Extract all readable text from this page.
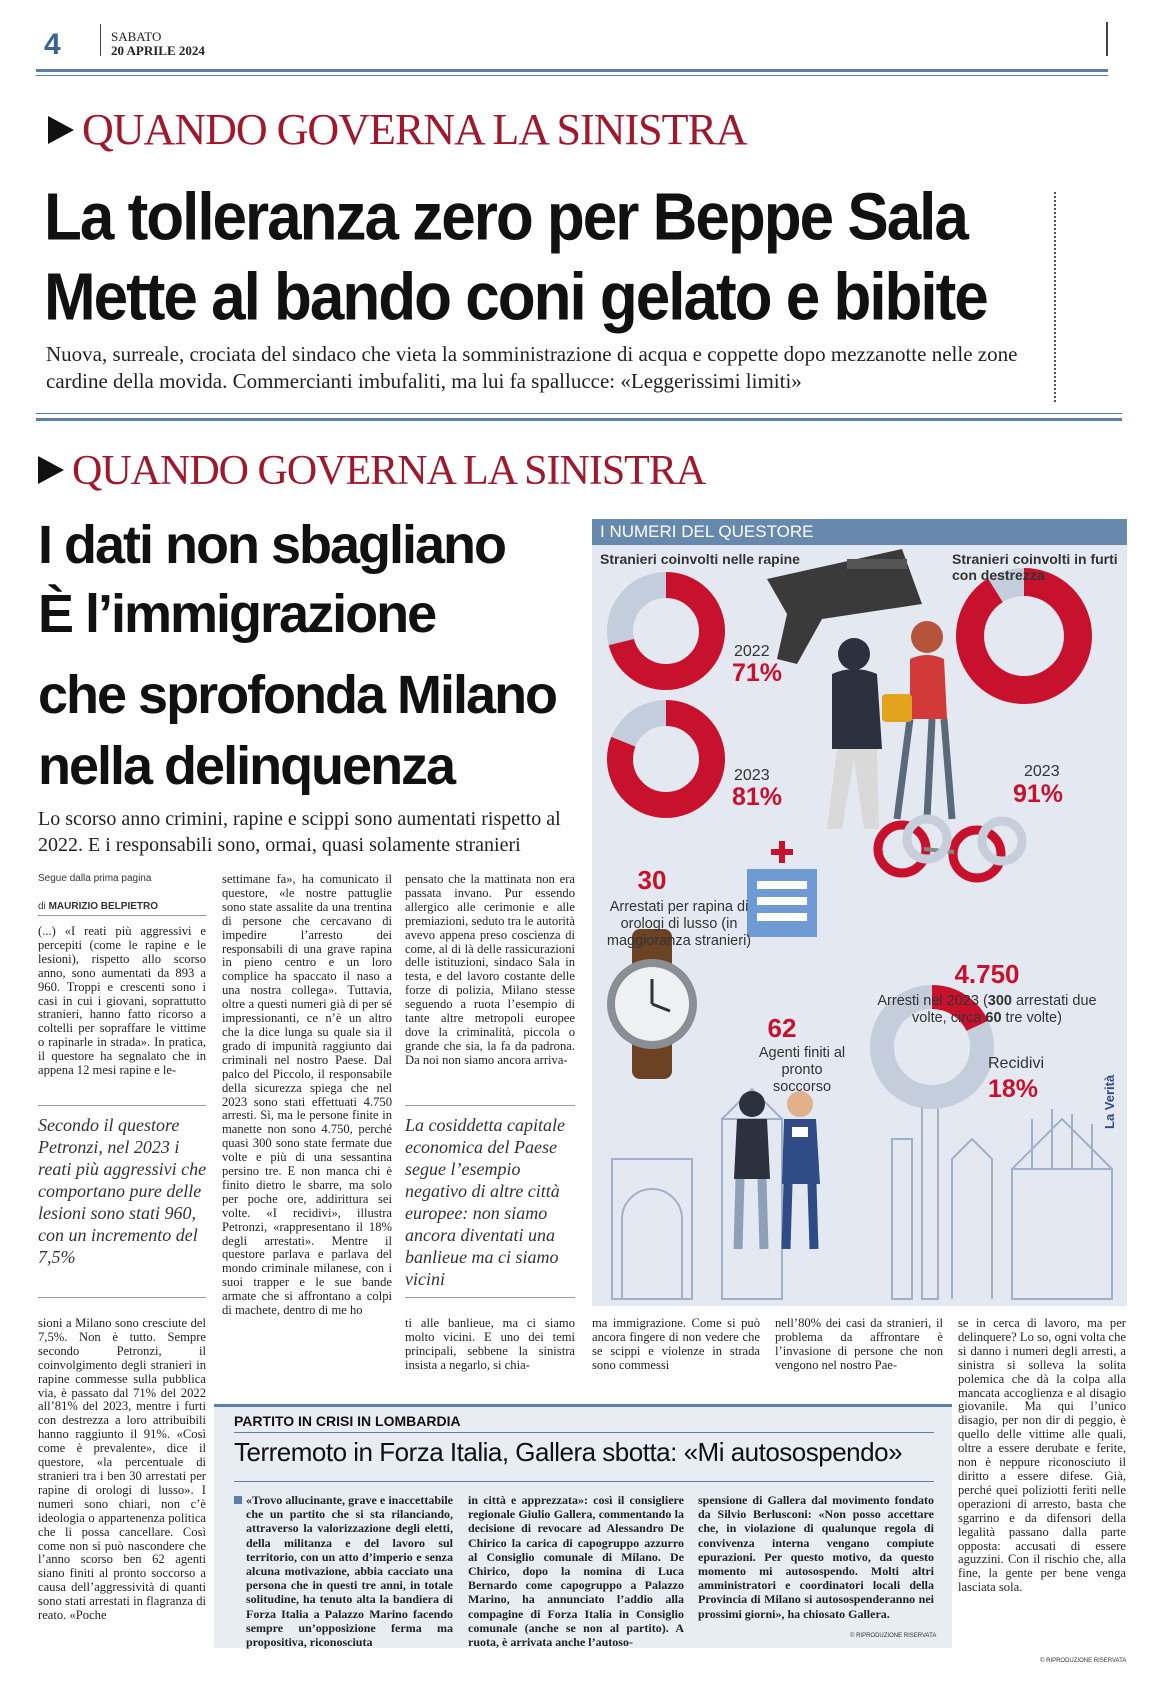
4	SABATO
20 APRILE 2024
QUANDO GOVERNA LA SINISTRA
La tolleranza zero per Beppe Sala
Mette al bando coni gelato e bibite
Nuova, surreale, crociata del sindaco che vieta la somministrazione di acqua e coppette dopo mezzanotte nelle zone cardine della movida. Commercianti imbufaliti, ma lui fa spallucce: «Leggerissimi limiti»
QUANDO GOVERNA LA SINISTRA
I dati non sbagliano
È l’immigrazione
che sprofonda Milano
nella delinquenza
Lo scorso anno crimini, rapine e scippi sono aumentati rispetto al 2022. E i responsabili sono, ormai, quasi solamente stranieri
Segue dalla prima pagina
di MAURIZIO BELPIETRO
(...) «I reati più aggressivi e percepiti (come le rapine e le lesioni), rispetto allo scorso anno, sono aumentati da 893 a 960. Troppi e crescenti sono i casi in cui i giovani, soprattutto stranieri, hanno fatto ricorso a coltelli per sopraffare le vittime o rapinarle in strada». In pratica, il questore ha segnalato che in appena 12 mesi rapine e le-
Secondo il questore Petronzi, nel 2023 i reati più aggressivi che comportano pure delle lesioni sono stati 960, con un incremento del 7,5%
sioni a Milano sono cresciute del 7,5%. Non è tutto. Sempre secondo Petronzi, il coinvolgimento degli stranieri in rapine commesse sulla pubblica via, è passato dal 71% del 2022 all’81% del 2023, mentre i furti con destrezza a loro attribuibili hanno raggiunto il 91%. «Così come è prevalente», dice il questore, «la percentuale di stranieri tra i ben 30 arrestati per rapine di orologi di lusso». I numeri sono chiari, non c’è ideologia o appartenenza politica che li possa cancellare. Così come non si può nascondere che l’anno scorso ben 62 agenti siano finiti al pronto soccorso a causa dell’aggressività di quanti sono stati arrestati in flagranza di reato. «Poche
settimane fa», ha comunicato il questore, «le nostre pattuglie sono state assalite da una trentina di persone che cercavano di impedire l’arresto dei responsabili di una grave rapina in pieno centro e un loro complice ha spaccato il naso a una nostra collega». Tuttavia, oltre a questi numeri già di per sé impressionanti, ce n’è un altro che la dice lunga su quale sia il grado di impunità raggiunto dai criminali nel nostro Paese. Dal palco del Piccolo, il responsabile della sicurezza spiega che nel 2023 sono stati effettuati 4.750 arresti. Sì, ma le persone finite in manette non sono 4.750, perché quasi 300 sono state fermate due volte e più di una sessantina persino tre. E non manca chi è finito dietro le sbarre, ma solo per poche ore, addirittura sei volte. «I recidivi», illustra Petronzi, «rappresentano il 18% degli arrestati». Mentre il questore parlava e parlava del mondo criminale milanese, con i suoi trapper e le sue bande armate che si affrontano a colpi di machete, dentro di me ho
pensato che la mattinata non era passata invano. Pur essendo allergico alle cerimonie e alle premiazioni, seduto tra le autorità avevo appena preso coscienza di come, al di là delle rassicurazioni delle istituzioni, sindaco Sala in testa, e del lavoro costante delle forze di polizia, Milano stesse seguendo a ruota l’esempio di tante altre metropoli europee dove la criminalità, piccola o grande che sia, la fa da padrona. Da noi non siamo ancora arriva-
La cosiddetta capitale economica del Paese segue l’esempio negativo di altre città europee: non siamo ancora diventati una banlieue ma ci siamo vicini
ti alle banlieue, ma ci siamo molto vicini. E uno dei temi principali, sebbene la sinistra insista a negarlo, si chia-
ma immigrazione. Come si può ancora fingere di non vedere che se scippi e violenze in strada sono commessi
nell’80% dei casi da stranieri, il problema da affrontare è l’invasione di persone che non vengono nel nostro Pae-
se in cerca di lavoro, ma per delinquere? Lo so, ogni volta che si danno i numeri degli arresti, a sinistra si solleva la solita polemica che dà la colpa alla mancata accoglienza e al disagio giovanile. Ma qui l’unico disagio, per non dir di peggio, è quello delle vittime alle quali, oltre a essere derubate e ferite, non è neppure riconosciuto il diritto a essere difese. Già, perché quei poliziotti feriti nelle operazioni di arresto, basta che sgarrino e da difensori della legalità passano dalla parte opposta: accusati di essere aguzzini. Con il rischio che, alla fine, la gente per bene venga lasciata sola.
© RIPRODUZIONE RISERVATA
I NUMERI DEL QUESTORE
Stranieri coinvolti nelle rapine	Stranieri coinvolti in furti con destrezza
2022
71%
2023
81%
2023
91%
30
Arrestati per rapina di orologi di lusso (in maggioranza stranieri)
62
Agenti finiti al pronto soccorso
4.750
Arresti nel 2023 (300 arrestati due volte, circa 60 tre volte)
Recidivi
18%	La Verità
PARTITO IN CRISI IN LOMBARDIA
Terremoto in Forza Italia, Gallera sbotta: «Mi autosospendo»
«Trovo allucinante, grave e inaccettabile che un partito che si sta rilanciando, attraverso la valorizzazione degli eletti, della militanza e del lavoro sul territorio, con un atto d’imperio e senza alcuna motivazione, abbia cacciato una persona che in questi tre anni, in totale solitudine, ha tenuto alta la bandiera di Forza Italia a Palazzo Marino facendo sempre un’opposizione ferma ma propositiva, riconosciuta
in città e apprezzata»: così il consigliere regionale Giulio Gallera, commentando la decisione di revocare ad Alessandro De Chirico la carica di capogruppo azzurro al Consiglio comunale di Milano. De Chirico, dopo la nomina di Luca Bernardo come capogruppo a Palazzo Marino, ha annunciato l’addio alla compagine di Forza Italia in Consiglio comunale (anche se non al partito). A ruota, è arrivata anche l’autoso-
spensione di Gallera dal movimento fondato da Silvio Berlusconi: «Non posso accettare che, in violazione di qualunque regola di convivenza interna vengano compiute epurazioni. Per questo motivo, da questo momento mi autosospendo. Molti altri amministratori e coordinatori locali della Provincia di Milano si autosospenderanno nei prossimi giorni», ha chiosato Gallera.
© RIPRODUZIONE RISERVATA
